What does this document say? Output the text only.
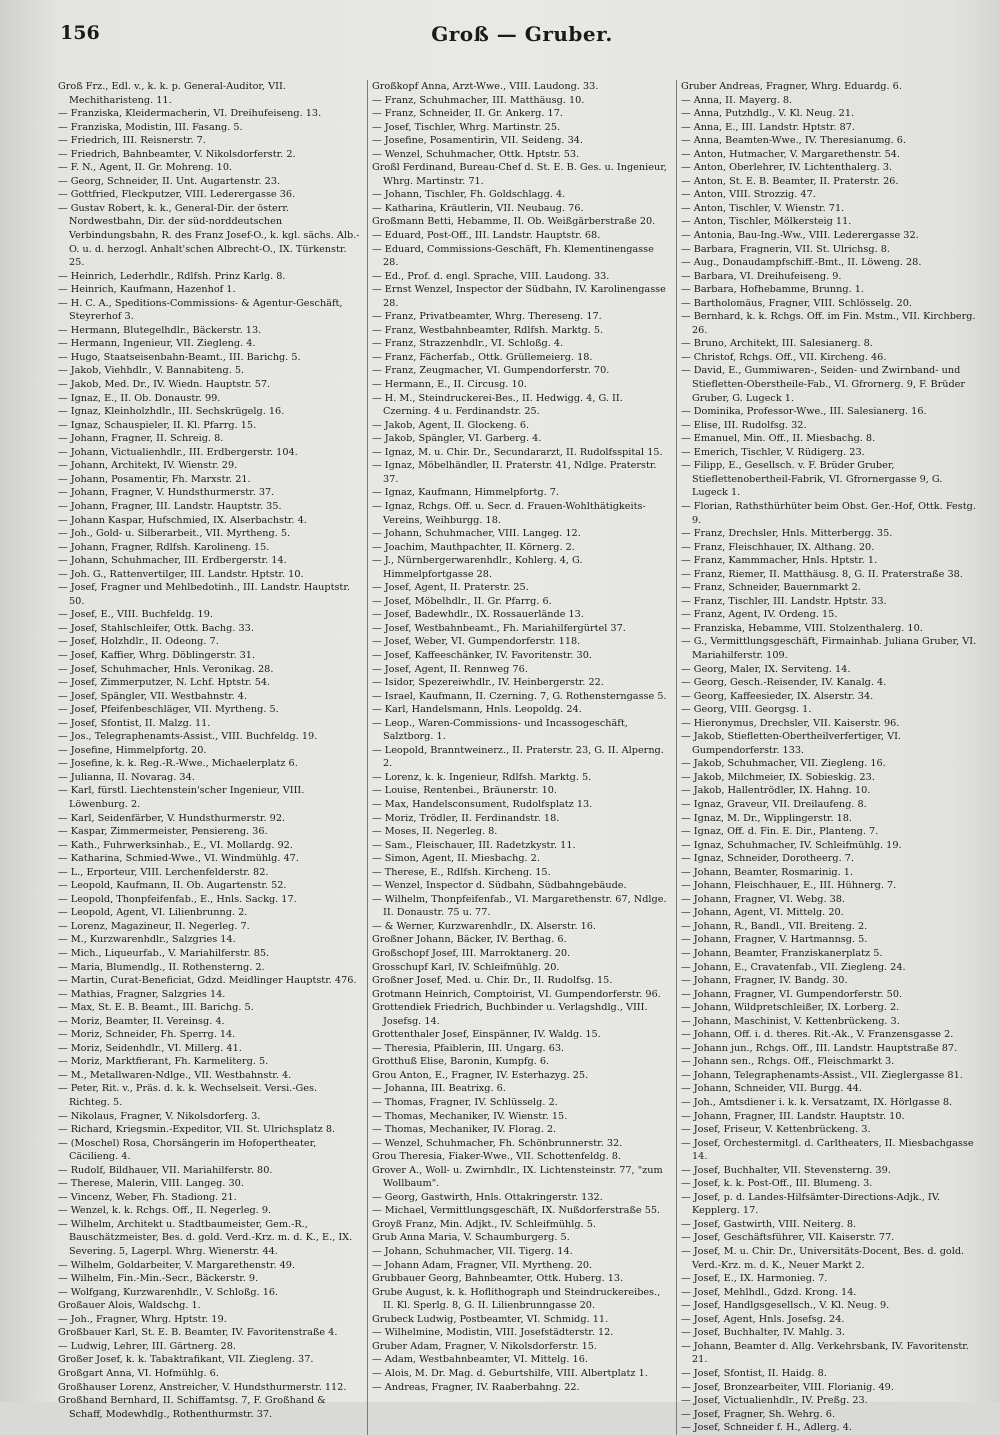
156	Groß — Gruber.
Groß Frz., Edl. v., k. k. p. General-Auditor, VII. Mechitharisteng. 11.
— Franziska, Kleidermacherin, VI. Dreihufeiseng. 13.
— Franziska, Modistin, III. Fasang. 5.
— Friedrich, III. Reisnerstr. 7.
— Friedrich, Bahnbeamter, V. Nikolsdorferstr. 2.
— F. N., Agent, II. Gr. Mohreng. 10.
— Georg, Schneider, II. Unt. Augartenstr. 23.
— Gottfried, Fleckputzer, VIII. Lederergasse 36.
— Gustav Robert, k. k., General-Dir. der österr. Nordwestbahn, Dir. der süd-norddeutschen Verbindungsbahn, R. des Franz Josef-O., k. kgl. sächs. Alb.-O. u. d. herzogl. Anhalt'schen Albrecht-O., IX. Türkenstr. 25.
— Heinrich, Lederhdlr., Rdlfsh. Prinz Karlg. 8.
— Heinrich, Kaufmann, Hazenhof 1.
— H. C. A., Speditions-Commissions- & Agentur-Geschäft, Steyrerhof 3.
— Hermann, Blutegelhdlr., Bäckerstr. 13.
— Hermann, Ingenieur, VII. Ziegleng. 4.
— Hugo, Staatseisenbahn-Beamt., III. Barichg. 5.
— Jakob, Viehhdlr., V. Bannabiteng. 5.
— Jakob, Med. Dr., IV. Wiedn. Hauptstr. 57.
— Ignaz, E., II. Ob. Donaustr. 99.
— Ignaz, Kleinholzhdlr., III. Sechskrügelg. 16.
— Ignaz, Schauspieler, II. Kl. Pfarrg. 15.
— Johann, Fragner, II. Schreig. 8.
— Johann, Victualienhdlr., III. Erdbergerstr. 104.
— Johann, Architekt, IV. Wienstr. 29.
— Johann, Posamentir, Fh. Marxstr. 21.
— Johann, Fragner, V. Hundsthurmerstr. 37.
— Johann, Fragner, III. Landstr. Hauptstr. 35.
— Johann Kaspar, Hufschmied, IX. Alserbachstr. 4.
— Joh., Gold- u. Silberarbeit., VII. Myrtheng. 5.
— Johann, Fragner, Rdlfsh. Karolineng. 15.
— Johann, Schuhmacher, III. Erdbergerstr. 14.
— Joh. G., Rattenvertilger, III. Landstr. Hptstr. 10.
— Josef, Fragner und Mehlbedotinh., III. Landstr. Hauptstr. 50.
— Josef, E., VIII. Buchfeldg. 19.
— Josef, Stahlschleifer, Ottk. Bachg. 33.
— Josef, Holzhdlr., II. Odeong. 7.
— Josef, Kaffier, Whrg. Döblingerstr. 31.
— Josef, Schuhmacher, Hnls. Veronikag. 28.
— Josef, Zimmerputzer, N. Lchf. Hptstr. 54.
— Josef, Spängler, VII. Westbahnstr. 4.
— Josef, Pfeifenbeschläger, VII. Myrtheng. 5.
— Josef, Sfontist, II. Malzg. 11.
— Jos., Telegraphenamts-Assist., VIII. Buchfeldg. 19.
— Josefine, Himmelpfortg. 20.
— Josefine, k. k. Reg.-R.-Wwe., Michaelerplatz 6.
— Julianna, II. Novarag. 34.
— Karl, fürstl. Liechtenstein'scher Ingenieur, VIII. Löwenburg. 2.
— Karl, Seidenfärber, V. Hundsthurmerstr. 92.
— Kaspar, Zimmermeister, Pensiereng. 36.
— Kath., Fuhrwerksinhab., E., VI. Mollardg. 92.
— Katharina, Schmied-Wwe., VI. Windmühlg. 47.
— L., Erporteur, VIII. Lerchenfelderstr. 82.
— Leopold, Kaufmann, II. Ob. Augartenstr. 52.
— Leopold, Thonpfeifenfab., E., Hnls. Sackg. 17.
— Leopold, Agent, VI. Lilienbrunng. 2.
— Lorenz, Magazineur, II. Negerleg. 7.
— M., Kurzwarenhdlr., Salzgries 14.
— Mich., Liqueurfab., V. Mariahilferstr. 85.
— Maria, Blumendlg., II. Rothensterng. 2.
— Martin, Curat-Beneficiat, Gdzd. Meidlinger Hauptstr. 476.
— Mathias, Fragner, Salzgries 14.
— Max, St. E. B. Beamt., III. Barichg. 5.
— Moriz, Beamter, II. Vereinsg. 4.
— Moriz, Schneider, Fh. Sperrg. 14.
— Moriz, Seidenhdlr., VI. Millerg. 41.
— Moriz, Marktfierant, Fh. Karmeliterg. 5.
— M., Metallwaren-Ndlge., VII. Westbahnstr. 4.
— Peter, Rit. v., Präs. d. k. k. Wechselseit. Versi.-Ges. Richteg. 5.
— Nikolaus, Fragner, V. Nikolsdorferg. 3.
— Richard, Kriegsmin.-Expeditor, VII. St. Ulrichsplatz 8.
— (Moschel) Rosa, Chorsängerin im Hofopertheater, Cäcilieng. 4.
— Rudolf, Bildhauer, VII. Mariahilferstr. 80.
— Therese, Malerin, VIII. Langeg. 30.
— Vincenz, Weber, Fh. Stadiong. 21.
— Wenzel, k. k. Rchgs. Off., II. Negerleg. 9.
— Wilhelm, Architekt u. Stadtbaumeister, Gem.-R., Bauschätzmeister, Bes. d. gold. Verd.-Krz. m. d. K., E., IX. Severing. 5, Lagerpl. Whrg. Wienerstr. 44.
— Wilhelm, Goldarbeiter, V. Margarethenstr. 49.
— Wilhelm, Fin.-Min.-Secr., Bäckerstr. 9.
— Wolfgang, Kurzwarenhdlr., V. Schloßg. 16.
Großauer Alois, Waldschg. 1.
— Joh., Fragner, Whrg. Hptstr. 19.
Großbauer Karl, St. E. B. Beamter, IV. Favoritenstraße 4.
— Ludwig, Lehrer, III. Gärtnerg. 28.
Großer Josef, k. k. Tabaktrafikant, VII. Ziegleng. 37.
Großgart Anna, VI. Hofmühlg. 6.
Großhauser Lorenz, Anstreicher, V. Hundsthurmerstr. 112.
Großhand Bernhard, II. Schiffamtsg. 7, F. Großhand & Schaff, Modewhdlg., Rothenthurmstr. 37.
Großkopf Anna, Arzt-Wwe., VIII. Laudong. 33.
— Franz, Schuhmacher, III. Matthäusg. 10.
— Franz, Schneider, II. Gr. Ankerg. 17.
— Josef, Tischler, Whrg. Martinstr. 25.
— Josefine, Posamentirin, VII. Seideng. 34.
— Wenzel, Schuhmacher, Ottk. Hptstr. 53.
Großl Ferdinand, Bureau-Chef d. St. E. B. Ges. u. Ingenieur, Whrg. Martinstr. 71.
— Johann, Tischler, Fh. Goldschlagg. 4.
— Katharina, Kräutlerin, VII. Neubaug. 76.
Großmann Betti, Hebamme, II. Ob. Weißgärberstraße 20.
— Eduard, Post-Off., III. Landstr. Hauptstr. 68.
— Eduard, Commissions-Geschäft, Fh. Klementinengasse 28.
— Ed., Prof. d. engl. Sprache, VIII. Laudong. 33.
— Ernst Wenzel, Inspector der Südbahn, IV. Karolinengasse 28.
— Franz, Privatbeamter, Whrg. Thereseng. 17.
— Franz, Westbahnbeamter, Rdlfsh. Marktg. 5.
— Franz, Strazzenhdlr., VI. Schloßg. 4.
— Franz, Fächerfab., Ottk. Grüllemeierg. 18.
— Franz, Zeugmacher, VI. Gumpendorferstr. 70.
— Hermann, E., II. Circusg. 10.
— H. M., Steindruckerei-Bes., II. Hedwigg. 4, G. II. Czerning. 4 u. Ferdinandstr. 25.
— Jakob, Agent, II. Glockeng. 6.
— Jakob, Spängler, VI. Garberg. 4.
— Ignaz, M. u. Chir. Dr., Secundararzt, II. Rudolfsspital 15.
— Ignaz, Möbelhändler, II. Praterstr. 41, Ndlge. Praterstr. 37.
— Ignaz, Kaufmann, Himmelpfortg. 7.
— Ignaz, Rchgs. Off. u. Secr. d. Frauen-Wohlthätigkeits-Vereins, Weihburgg. 18.
— Johann, Schuhmacher, VIII. Langeg. 12.
— Joachim, Mauthpachter, II. Körnerg. 2.
— J., Nürnbergerwarenhdlr., Kohlerg. 4, G. Himmelpfortgasse 28.
— Josef, Agent, II. Praterstr. 25.
— Josef, Möbelhdlr., II. Gr. Pfarrg. 6.
— Josef, Badewhdlr., IX. Rossauerlände 13.
— Josef, Westbahnbeamt., Fh. Mariahilfergürtel 37.
— Josef, Weber, VI. Gumpendorferstr. 118.
— Josef, Kaffeeschänker, IV. Favoritenstr. 30.
— Josef, Agent, II. Rennweg 76.
— Isidor, Spezereiwhdlr., IV. Heinbergerstr. 22.
— Israel, Kaufmann, II. Czerning. 7, G. Rothensterngasse 5.
— Karl, Handelsmann, Hnls. Leopoldg. 24.
— Leop., Waren-Commissions- und Incassogeschäft, Salztborg. 1.
— Leopold, Branntweinerz., II. Praterstr. 23, G. II. Alperng. 2.
— Lorenz, k. k. Ingenieur, Rdlfsh. Marktg. 5.
— Louise, Rentenbei., Bräunerstr. 10.
— Max, Handelsconsument, Rudolfsplatz 13.
— Moriz, Trödler, II. Ferdinandstr. 18.
— Moses, II. Negerleg. 8.
— Sam., Fleischauer, III. Radetzkystr. 11.
— Simon, Agent, II. Miesbachg. 2.
— Therese, E., Rdlfsh. Kircheng. 15.
— Wenzel, Inspector d. Südbahn, Südbahngebäude.
— Wilhelm, Thonpfeifenfab., VI. Margarethenstr. 67, Ndlge. II. Donaustr. 75 u. 77.
— & Werner, Kurzwarenhdlr., IX. Alserstr. 16.
Großner Johann, Bäcker, IV. Berthag. 6.
Großschopf Josef, III. Marroktanerg. 20.
Grosschupf Karl, IV. Schleifmühlg. 20.
Großner Josef, Med. u. Chir. Dr., II. Rudolfsg. 15.
Grotmann Heinrich, Comptoirist, VI. Gumpendorferstr. 96.
Grottendiek Friedrich, Buchbinder u. Verlagshdlg., VIII. Josefsg. 14.
Grottenthaler Josef, Einspänner, IV. Waldg. 15.
— Theresia, Pfaiblerin, III. Ungarg. 63.
Grotthuß Elise, Baronin, Kumpfg. 6.
Grou Anton, E., Fragner, IV. Esterhazyg. 25.
— Johanna, III. Beatrixg. 6.
— Thomas, Fragner, IV. Schlüsselg. 2.
— Thomas, Mechaniker, IV. Wienstr. 15.
— Thomas, Mechaniker, IV. Florag. 2.
— Wenzel, Schuhmacher, Fh. Schönbrunnerstr. 32.
Grou Theresia, Fiaker-Wwe., VII. Schottenfeldg. 8.
Grover A., Woll- u. Zwirnhdlr., IX. Lichtensteinstr. 77, "zum Wollbaum".
— Georg, Gastwirth, Hnls. Ottakringerstr. 132.
— Michael, Vermittlungsgeschäft, IX. Nußdorferstraße 55.
Groyß Franz, Min. Adjkt., IV. Schleifmühlg. 5.
Grub Anna Maria, V. Schaumburgerg. 5.
— Johann, Schuhmacher, VII. Tigerg. 14.
— Johann Adam, Fragner, VII. Myrtheng. 20.
Grubbauer Georg, Bahnbeamter, Ottk. Huberg. 13.
Grube August, k. k. Hoflithograph und Steindruckereibes., II. Kl. Sperlg. 8, G. II. Lilienbrunngasse 20.
Grubeck Ludwig, Postbeamter, VI. Schmidg. 11.
— Wilhelmine, Modistin, VIII. Josefstädterstr. 12.
Gruber Adam, Fragner, V. Nikolsdorferstr. 15.
— Adam, Westbahnbeamter, VI. Mittelg. 16.
— Alois, M. Dr. Mag. d. Geburtshilfe, VIII. Albertplatz 1.
— Andreas, Fragner, IV. Raaberbahng. 22.
Gruber Andreas, Fragner, Whrg. Eduardg. 6.
— Anna, II. Mayerg. 8.
— Anna, Putzhdlg., V. Kl. Neug. 21.
— Anna, E., III. Landstr. Hptstr. 87.
— Anna, Beamten-Wwe., IV. Theresianumg. 6.
— Anton, Hutmacher, V. Margarethenstr. 54.
— Anton, Oberlehrer, IV. Lichtenthalerg. 3.
— Anton, St. E. B. Beamter, II. Praterstr. 26.
— Anton, VIII. Strozzig. 47.
— Anton, Tischler, V. Wienstr. 71.
— Anton, Tischler, Mölkersteig 11.
— Antonia, Bau-Ing.-Ww., VIII. Lederergasse 32.
— Barbara, Fragnerin, VII. St. Ulrichsg. 8.
— Aug., Donaudampfschiff.-Bmt., II. Löweng. 28.
— Barbara, VI. Dreihufeiseng. 9.
— Barbara, Hofhebamme, Brunng. 1.
— Bartholomäus, Fragner, VIII. Schlösselg. 20.
— Bernhard, k. k. Rchgs. Off. im Fin. Mstm., VII. Kirchberg. 26.
— Bruno, Architekt, III. Salesianerg. 8.
— Christof, Rchgs. Off., VII. Kircheng. 46.
— David, E., Gummiwaren-, Seiden- und Zwirnband- und Stiefletten-Oberstheile-Fab., VI. Gfrornerg. 9, F. Brüder Gruber, G. Lugeck 1.
— Dominika, Professor-Wwe., III. Salesianerg. 16.
— Elise, III. Rudolfsg. 32.
— Emanuel, Min. Off., II. Miesbachg. 8.
— Emerich, Tischler, V. Rüdigerg. 23.
— Filipp, E., Gesellsch. v. F. Brüder Gruber, Stieflettenobertheil-Fabrik, VI. Gfrornergasse 9, G. Lugeck 1.
— Florian, Rathsthürhüter beim Obst. Ger.-Hof, Ottk. Festg. 9.
— Franz, Drechsler, Hnls. Mitterbergg. 35.
— Franz, Fleischhauer, IX. Althang. 20.
— Franz, Kammmacher, Hnls. Hptstr. 1.
— Franz, Riemer, II. Matthäusg. 8, G. II. Praterstraße 38.
— Franz, Schneider, Bauernmarkt 2.
— Franz, Tischler, III. Landstr. Hptstr. 33.
— Franz, Agent, IV. Ordeng. 15.
— Franziska, Hebamme, VIII. Stolzenthalerg. 10.
— G., Vermittlungsgeschäft, Firmainhab. Juliana Gruber, VI. Mariahilferstr. 109.
— Georg, Maler, IX. Serviteng. 14.
— Georg, Gesch.-Reisender, IV. Kanalg. 4.
— Georg, Kaffeesieder, IX. Alserstr. 34.
— Georg, VIII. Georgsg. 1.
— Hieronymus, Drechsler, VII. Kaiserstr. 96.
— Jakob, Stiefletten-Obertheilverfertiger, VI. Gumpendorferstr. 133.
— Jakob, Schuhmacher, VII. Ziegleng. 16.
— Jakob, Milchmeier, IX. Sobieskig. 23.
— Jakob, Hallentrödler, IX. Hahng. 10.
— Ignaz, Graveur, VII. Dreilaufeng. 8.
— Ignaz, M. Dr., Wipplingerstr. 18.
— Ignaz, Off. d. Fin. E. Dir., Planteng. 7.
— Ignaz, Schuhmacher, IV. Schleifmühlg. 19.
— Ignaz, Schneider, Dorotheerg. 7.
— Johann, Beamter, Rosmarinig. 1.
— Johann, Fleischhauer, E., III. Hühnerg. 7.
— Johann, Fragner, VI. Webg. 38.
— Johann, Agent, VI. Mittelg. 20.
— Johann, R., Bandl., VII. Breiteng. 2.
— Johann, Fragner, V. Hartmannsg. 5.
— Johann, Beamter, Franziskanerplatz 5.
— Johann, E., Cravatenfab., VII. Ziegleng. 24.
— Johann, Fragner, IV. Bandg. 30.
— Johann, Fragner, VI. Gumpendorferstr. 50.
— Johann, Wildpretschleißer, IX. Lorberg. 2.
— Johann, Maschinist, V. Kettenbrückeng. 3.
— Johann, Off. i. d. theres. Rit.-Ak., V. Franzensgasse 2.
— Johann jun., Rchgs. Off., III. Landstr. Hauptstraße 87.
— Johann sen., Rchgs. Off., Fleischmarkt 3.
— Johann, Telegraphenamts-Assist., VII. Zieglergasse 81.
— Johann, Schneider, VII. Burgg. 44.
— Joh., Amtsdiener i. k. k. Versatzamt, IX. Hörlgasse 8.
— Johann, Fragner, III. Landstr. Hauptstr. 10.
— Josef, Friseur, V. Kettenbrückeng. 3.
— Josef, Orchestermitgl. d. Carltheaters, II. Miesbachgasse 14.
— Josef, Buchhalter, VII. Stevensterng. 39.
— Josef, k. k. Post-Off., III. Blumeng. 3.
— Josef, p. d. Landes-Hilfsämter-Directions-Adjk., IV. Kepplerg. 17.
— Josef, Gastwirth, VIII. Neiterg. 8.
— Josef, Geschäftsführer, VII. Kaiserstr. 77.
— Josef, M. u. Chir. Dr., Universitäts-Docent, Bes. d. gold. Verd.-Krz. m. d. K., Neuer Markt 2.
— Josef, E., IX. Harmonieg. 7.
— Josef, Mehlhdl., Gdzd. Krong. 14.
— Josef, Handlgsgesellsch., V. Kl. Neug. 9.
— Josef, Agent, Hnls. Josefsg. 24.
— Josef, Buchhalter, IV. Mahlg. 3.
— Johann, Beamter d. Allg. Verkehrsbank, IV. Favoritenstr. 21.
— Josef, Sfontist, II. Haidg. 8.
— Josef, Bronzearbeiter, VIII. Florianig. 49.
— Josef, Victualienhdlr., IV. Preßg. 23.
— Josef, Fragner, Sh. Wehrg. 6.
— Josef, Schneider f. H., Adlerg. 4.
